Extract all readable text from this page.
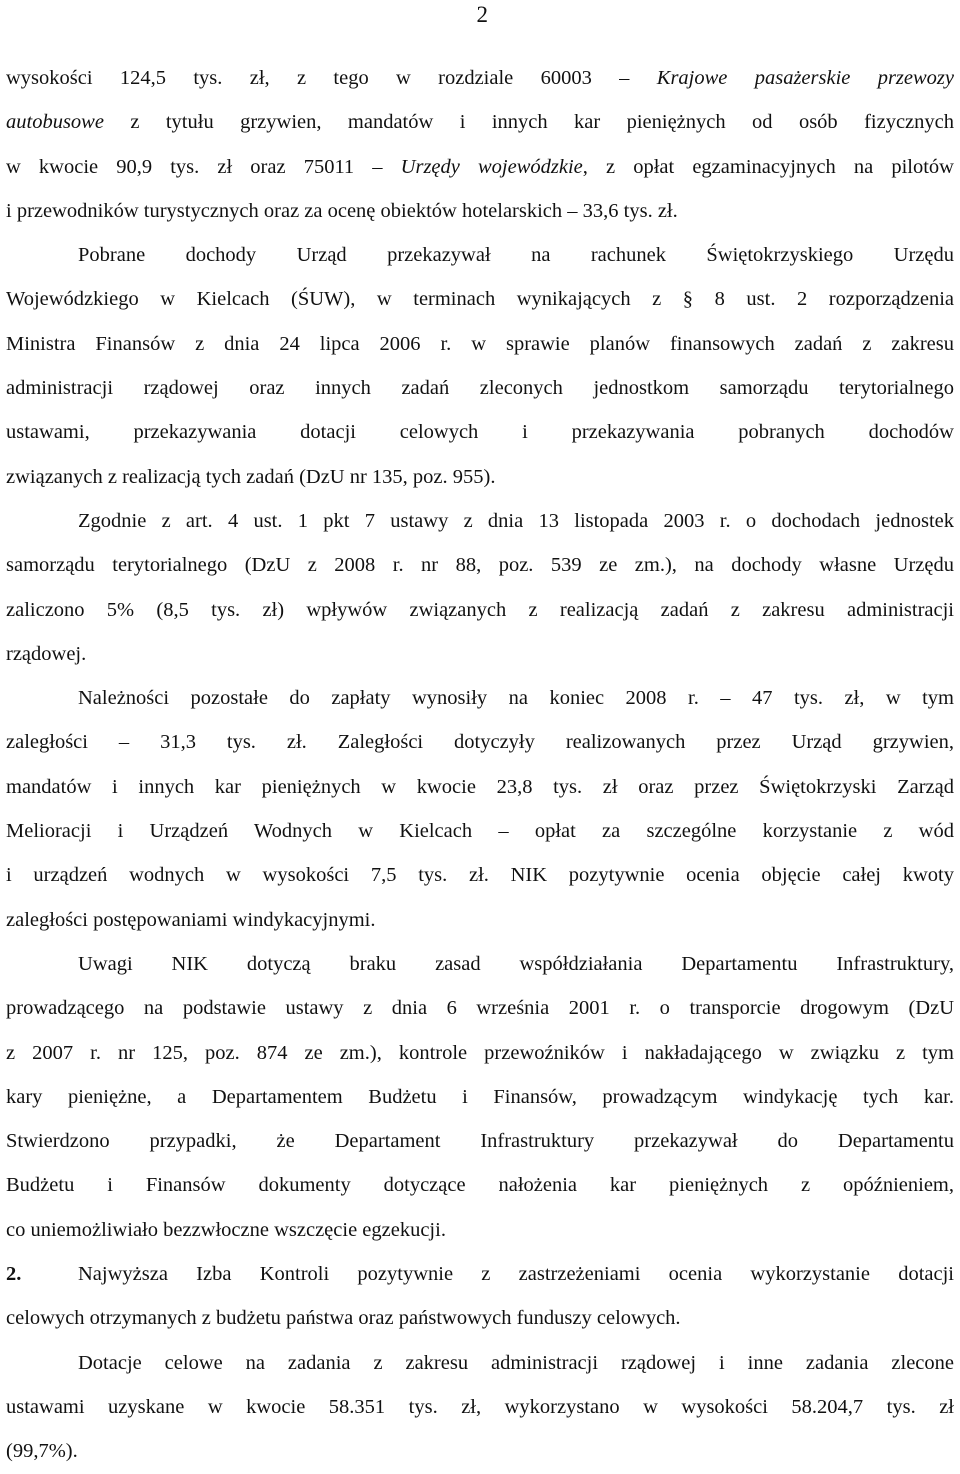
2
wysokości 124,5 tys. zł, z tego w rozdziale 60003 – Krajowe pasażerskie przewozy
autobusowe z tytułu grzywien, mandatów i innych kar pieniężnych od osób fizycznych
w kwocie 90,9 tys. zł oraz 75011 – Urzędy wojewódzkie, z opłat egzaminacyjnych na pilotów
i przewodników turystycznych oraz za ocenę obiektów hotelarskich – 33,6 tys. zł.
Pobrane dochody Urząd przekazywał na rachunek Świętokrzyskiego Urzędu
Wojewódzkiego w Kielcach (ŚUW), w terminach wynikających z § 8 ust. 2 rozporządzenia
Ministra Finansów z dnia 24 lipca 2006 r. w sprawie planów finansowych zadań z zakresu
administracji rządowej oraz innych zadań zleconych jednostkom samorządu terytorialnego
ustawami, przekazywania dotacji celowych i przekazywania pobranych dochodów
związanych z realizacją tych zadań (DzU nr 135, poz. 955).
Zgodnie z art. 4 ust. 1 pkt 7 ustawy z dnia 13 listopada 2003 r. o dochodach jednostek
samorządu terytorialnego (DzU z 2008 r. nr 88, poz. 539 ze zm.), na dochody własne Urzędu
zaliczono 5% (8,5 tys. zł) wpływów związanych z realizacją zadań z zakresu administracji
rządowej.
Należności pozostałe do zapłaty wynosiły na koniec 2008 r. – 47 tys. zł, w tym
zaległości – 31,3 tys. zł. Zaległości dotyczyły realizowanych przez Urząd grzywien,
mandatów i innych kar pieniężnych w kwocie 23,8 tys. zł oraz przez Świętokrzyski Zarząd
Melioracji i Urządzeń Wodnych w Kielcach – opłat za szczególne korzystanie z wód
i urządzeń wodnych w wysokości 7,5 tys. zł. NIK pozytywnie ocenia objęcie całej kwoty
zaległości postępowaniami windykacyjnymi.
Uwagi NIK dotyczą braku zasad współdziałania Departamentu Infrastruktury,
prowadzącego na podstawie ustawy z dnia 6 września 2001 r. o transporcie drogowym (DzU
z 2007 r. nr 125, poz. 874 ze zm.), kontrole przewoźników i nakładającego w związku z tym
kary pieniężne, a Departamentem Budżetu i Finansów, prowadzącym windykację tych kar.
Stwierdzono przypadki, że Departament Infrastruktury przekazywał do Departamentu
Budżetu i Finansów dokumenty dotyczące nałożenia kar pieniężnych z opóźnieniem,
co uniemożliwiało bezzwłoczne wszczęcie egzekucji.
2.	Najwyższa Izba Kontroli pozytywnie z zastrzeżeniami ocenia wykorzystanie dotacji
celowych otrzymanych z budżetu państwa oraz państwowych funduszy celowych.
Dotacje celowe na zadania z zakresu administracji rządowej i inne zadania zlecone
ustawami uzyskane w kwocie 58.351 tys. zł, wykorzystano w wysokości 58.204,7 tys. zł
(99,7%).
